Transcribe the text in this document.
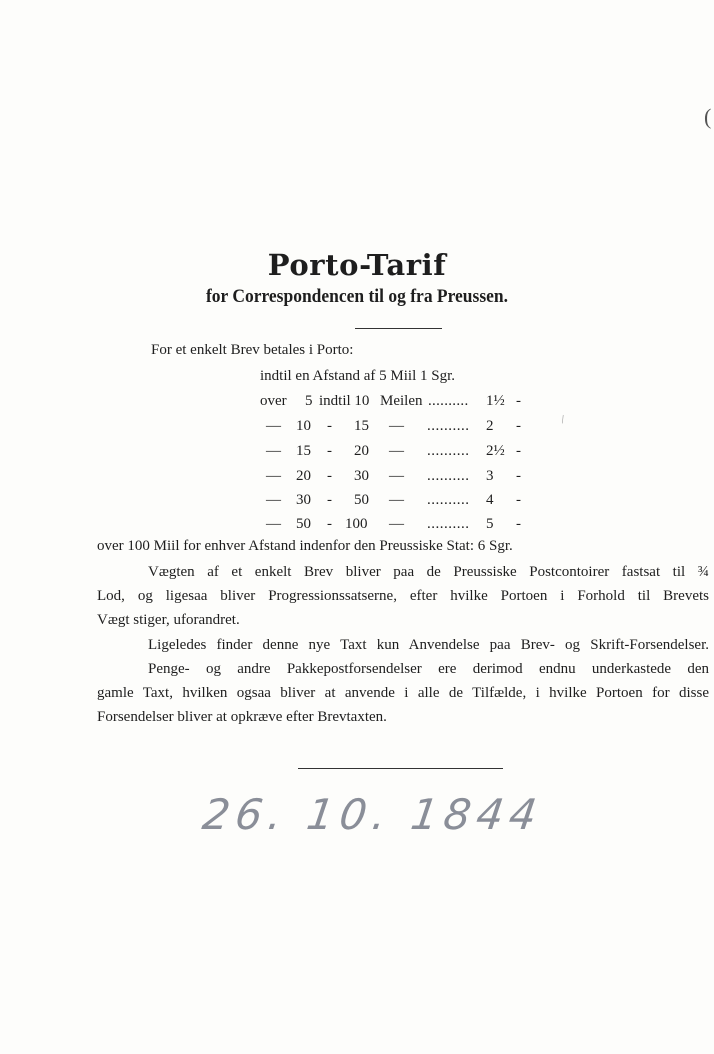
(
\
Porto-Tarif
for Correspondencen til og fra Preussen.
For et enkelt Brev betales i Porto:
indtil en Afstand af 5 Miil 1 Sgr.
over 5 indtil 10 Meilen .......... 1½ -
— 10 - 15 — .......... 2 -
— 15 - 20 — .......... 2½ -
— 20 - 30 — .......... 3 -
— 30 - 50 — .......... 4 -
— 50 - 100 — .......... 5 -
over 100 Miil for enhver Afstand indenfor den Preussiske Stat: 6 Sgr.
Vægten af et enkelt Brev bliver paa de Preussiske Postcontoirer fastsat til ¾
Lod, og ligesaa bliver Progressionssatserne, efter hvilke Portoen i Forhold til Brevets
Vægt stiger, uforandret.
Ligeledes finder denne nye Taxt kun Anvendelse paa Brev- og Skrift-Forsendelser.
Penge- og andre Pakkepostforsendelser ere derimod endnu underkastede den
gamle Taxt, hvilken ogsaa bliver at anvende i alle de Tilfælde, i hvilke Portoen for disse
Forsendelser bliver at opkræve efter Brevtaxten.
26. 10. 1844
